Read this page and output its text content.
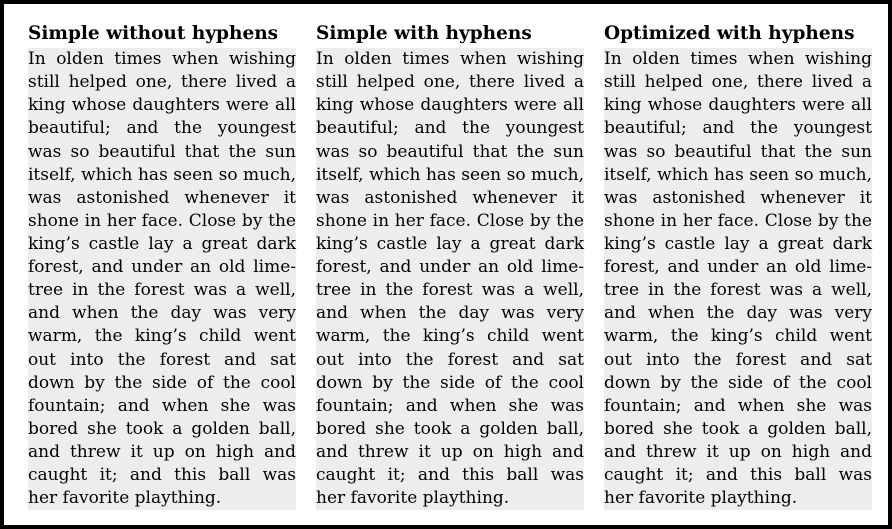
Simple without hyphens
In olden times when wishing still helped one, there lived a king whose daughters were all beautiful; and the youngest was so beautiful that the sun itself, which has seen so much, was astonished whenever it shone in her face. Close by the king’s castle lay a great dark forest, and under an old lime-tree in the forest was a well, and when the day was very warm, the king’s child went out into the forest and sat down by the side of the cool fountain; and when she was bored she took a golden ball, and threw it up on high and caught it; and this ball was her favorite plaything.
Simple with hyphens
In olden times when wishing still helped one, there lived a king whose daughters were all beautiful; and the youngest was so beautiful that the sun itself, which has seen so much, was astonished whenever it shone in her face. Close by the king’s castle lay a great dark forest, and under an old lime-tree in the forest was a well, and when the day was very warm, the king’s child went out into the forest and sat down by the side of the cool fountain; and when she was bored she took a golden ball, and threw it up on high and caught it; and this ball was her favorite plaything.
Optimized with hyphens
In olden times when wishing still helped one, there lived a king whose daughters were all beautiful; and the youngest was so beautiful that the sun itself, which has seen so much, was astonished whenever it shone in her face. Close by the king’s castle lay a great dark forest, and under an old lime-tree in the forest was a well, and when the day was very warm, the king’s child went out into the forest and sat down by the side of the cool fountain; and when she was bored she took a golden ball, and threw it up on high and caught it; and this ball was her favorite plaything.
